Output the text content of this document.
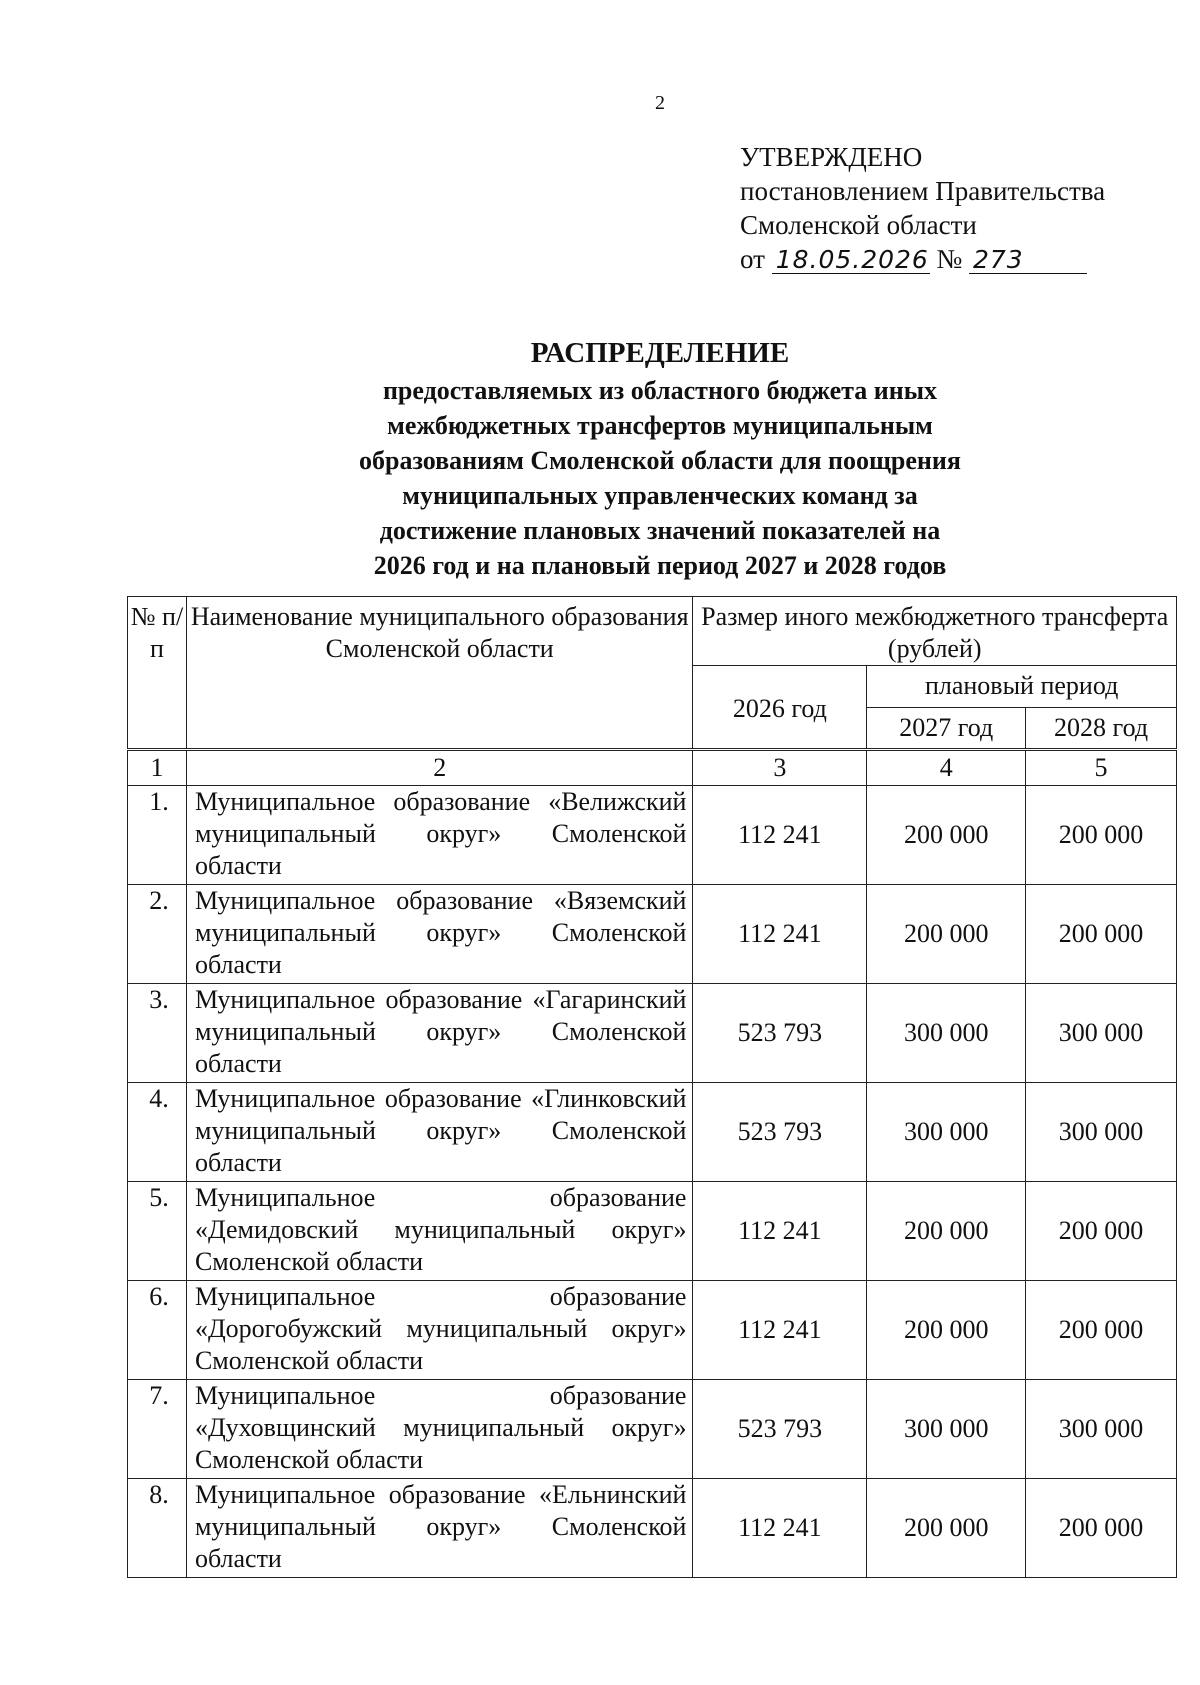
2
УТВЕРЖДЕНО
постановлением Правительства
Смоленской области
от 18.05.2026 № 273
РАСПРЕДЕЛЕНИЕ
предоставляемых из областного бюджета иных
межбюджетных трансфертов муниципальным
образованиям Смоленской области для поощрения
муниципальных управленческих команд за
достижение плановых значений показателей на
2026 год и на плановый период 2027 и 2028 годов
№ п/п	Наименование муниципального образования Смоленской области	Размер иного межбюджетного трансферта (рублей)		
		2026 год	плановый период	
			2027 год	2028 год
1	2	3	4	5
1.	Муниципальное образование «Велижский муниципальный округ» Смоленской области	112 241	200 000	200 000
2.	Муниципальное образование «Вяземский муниципальный округ» Смоленской области	112 241	200 000	200 000
3.	Муниципальное образование «Гагаринский муниципальный округ» Смоленской области	523 793	300 000	300 000
4.	Муниципальное образование «Глинковский муниципальный округ» Смоленской области	523 793	300 000	300 000
5.	Муниципальное образование «Демидовский муниципальный округ» Смоленской области	112 241	200 000	200 000
6.	Муниципальное образование «Дорогобужский муниципальный округ» Смоленской области	112 241	200 000	200 000
7.	Муниципальное образование «Духовщинский муниципальный округ» Смоленской области	523 793	300 000	300 000
8.	Муниципальное образование «Ельнинский муниципальный округ» Смоленской области	112 241	200 000	200 000
